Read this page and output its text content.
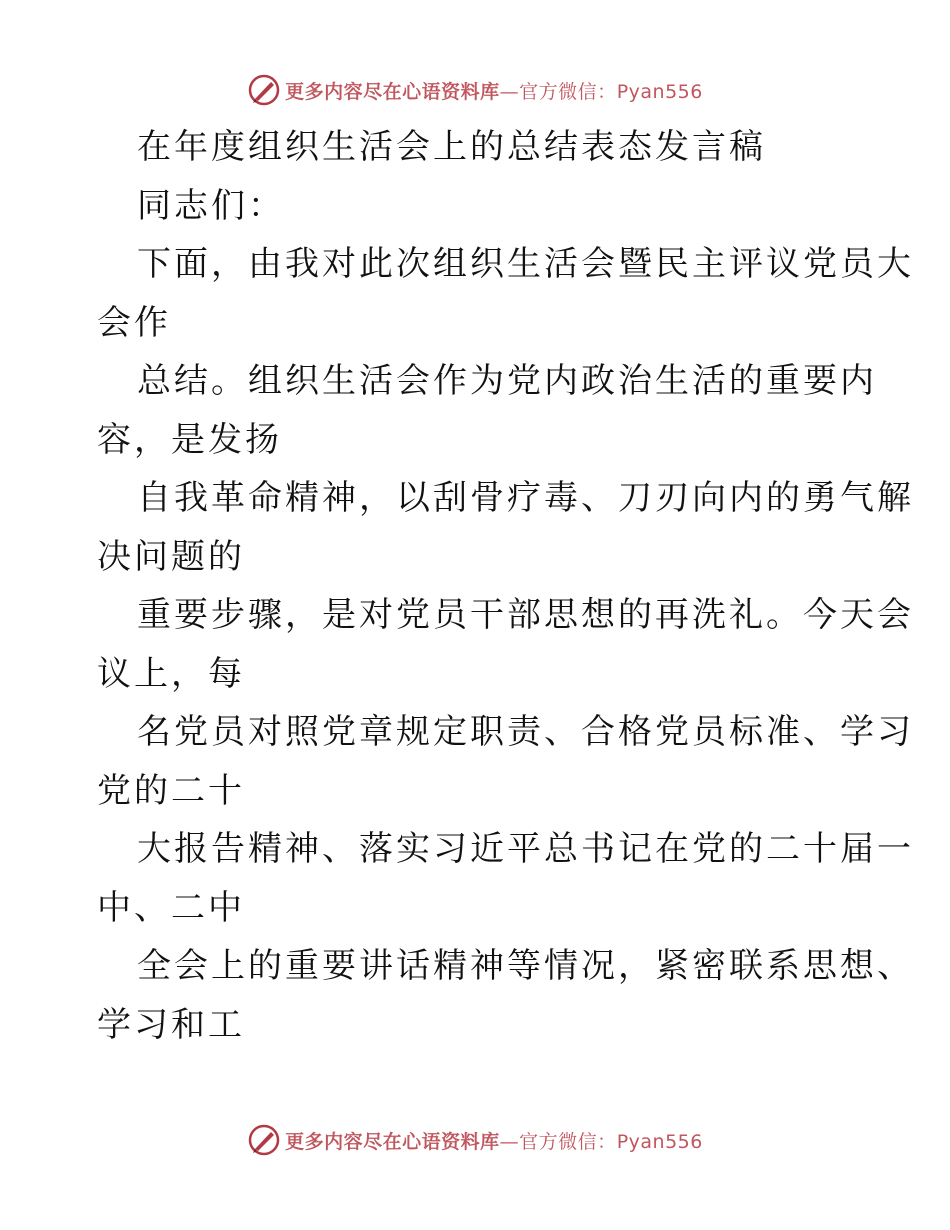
更多内容尽在心语资料库—官方微信：Pyan556
在年度组织生活会上的总结表态发言稿
同志们：
下面，由我对此次组织生活会暨民主评议党员大
会作
总结。组织生活会作为党内政治生活的重要内
容，是发扬
自我革命精神，以刮骨疗毒、刀刃向内的勇气解
决问题的
重要步骤，是对党员干部思想的再洗礼。今天会
议上，每
名党员对照党章规定职责、合格党员标准、学习
党的二十
大报告精神、落实习近平总书记在党的二十届一
中、二中
全会上的重要讲话精神等情况，紧密联系思想、
学习和工
更多内容尽在心语资料库—官方微信：Pyan556
